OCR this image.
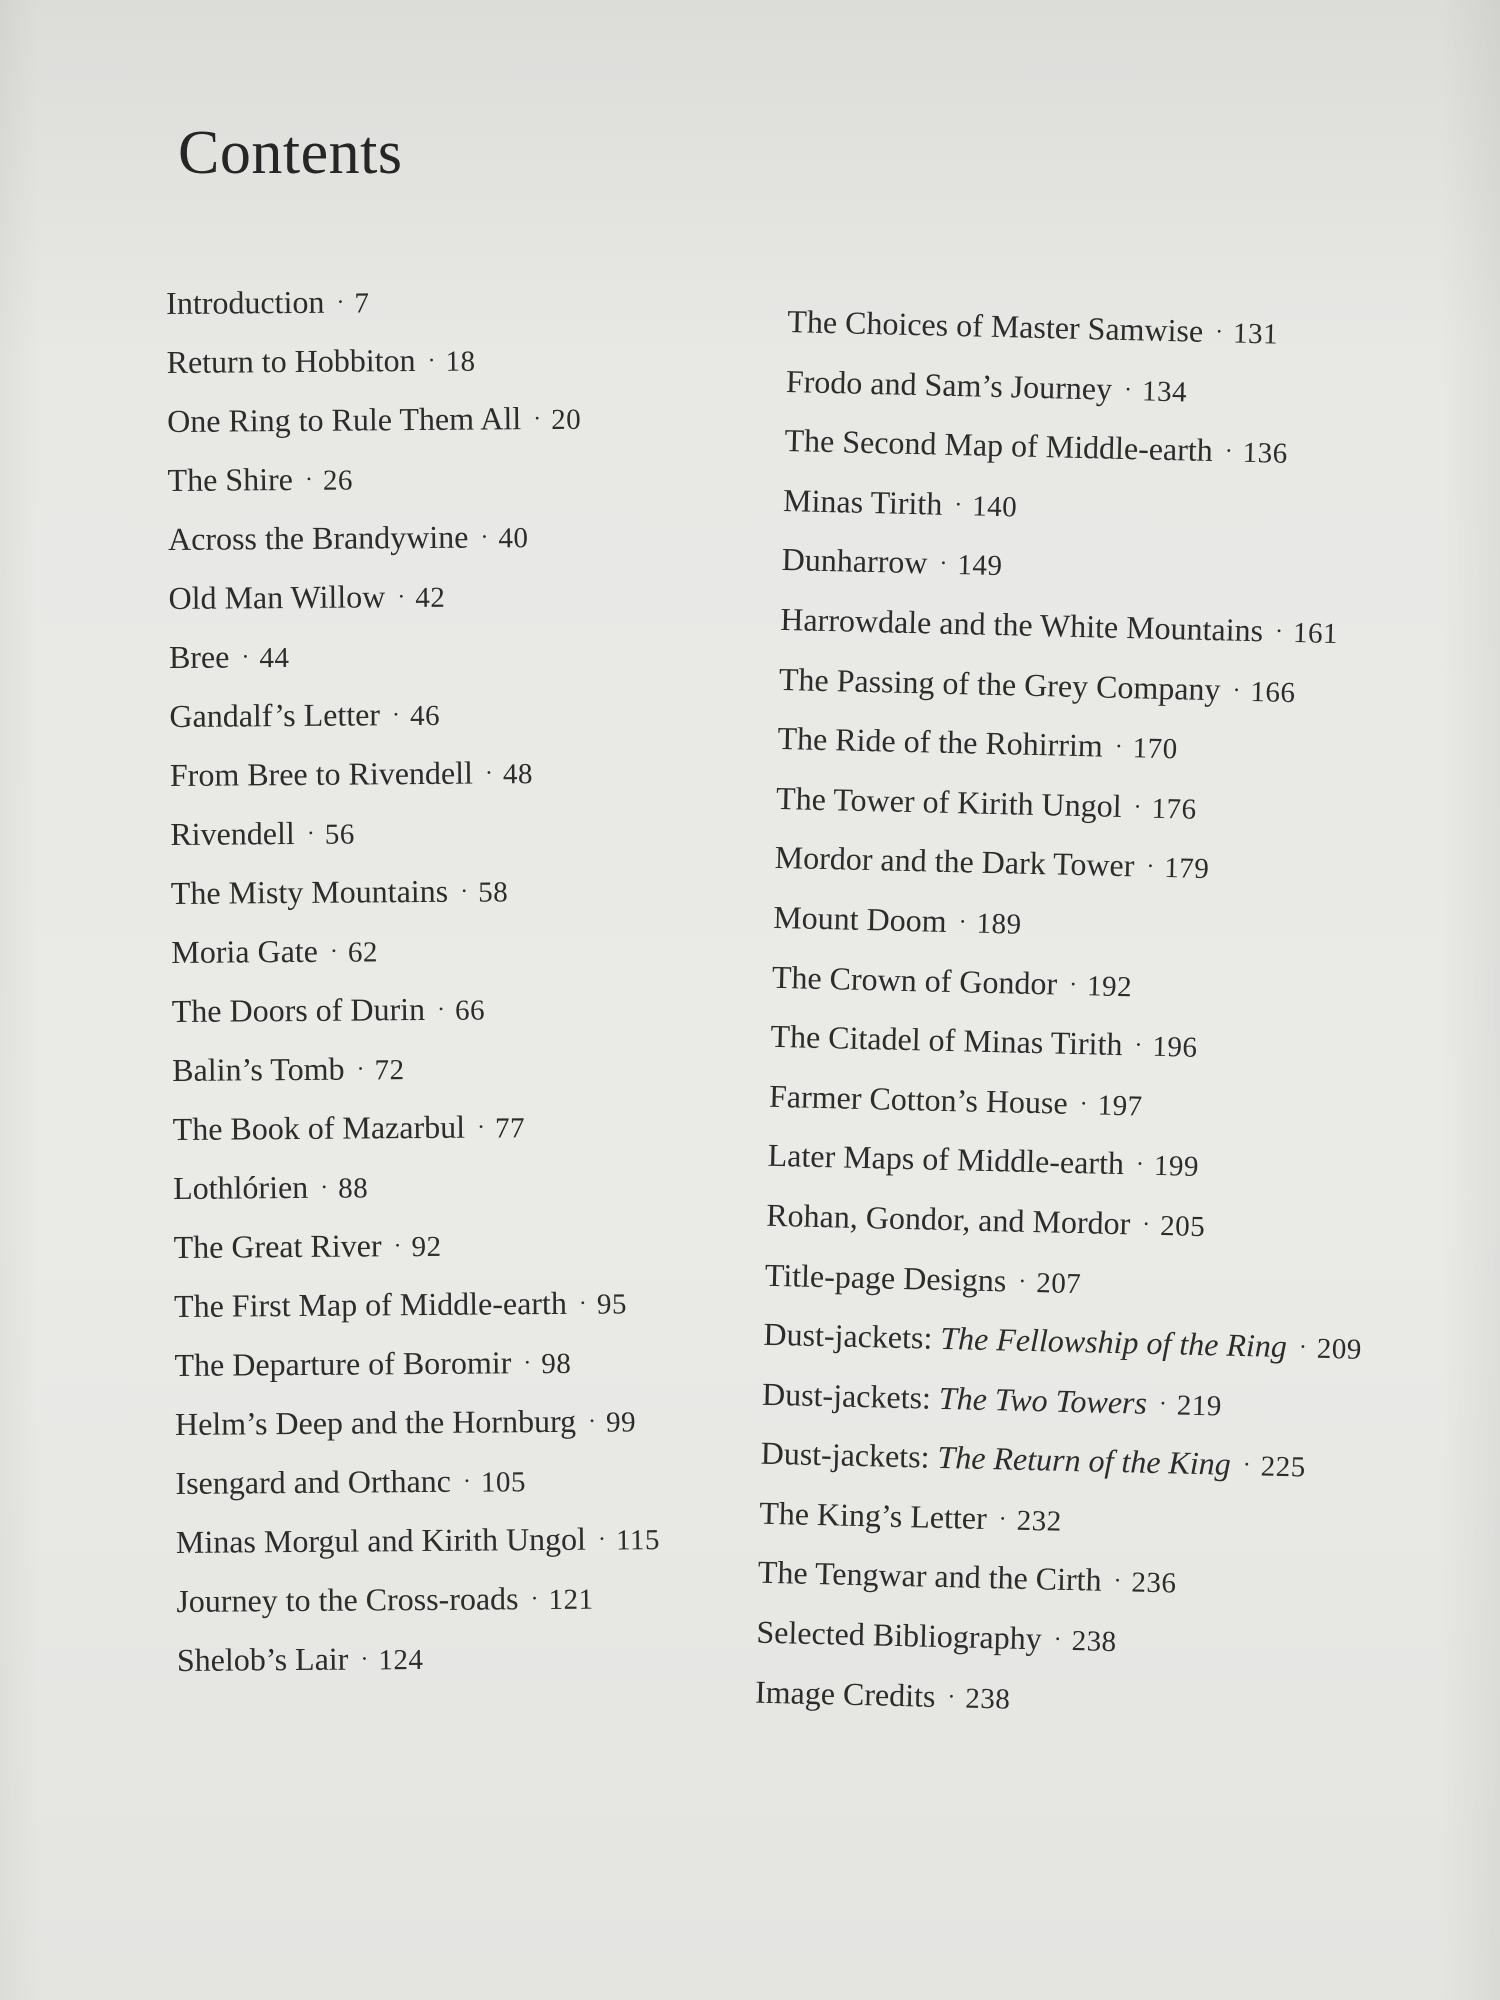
Contents
Introduction · 7
Return to Hobbiton · 18
One Ring to Rule Them All · 20
The Shire · 26
Across the Brandywine · 40
Old Man Willow · 42
Bree · 44
Gandalf’s Letter · 46
From Bree to Rivendell · 48
Rivendell · 56
The Misty Mountains · 58
Moria Gate · 62
The Doors of Durin · 66
Balin’s Tomb · 72
The Book of Mazarbul · 77
Lothlórien · 88
The Great River · 92
The First Map of Middle-earth · 95
The Departure of Boromir · 98
Helm’s Deep and the Hornburg · 99
Isengard and Orthanc · 105
Minas Morgul and Kirith Ungol · 115
Journey to the Cross-roads · 121
Shelob’s Lair · 124
The Choices of Master Samwise · 131
Frodo and Sam’s Journey · 134
The Second Map of Middle-earth · 136
Minas Tirith · 140
Dunharrow · 149
Harrowdale and the White Mountains · 161
The Passing of the Grey Company · 166
The Ride of the Rohirrim · 170
The Tower of Kirith Ungol · 176
Mordor and the Dark Tower · 179
Mount Doom · 189
The Crown of Gondor · 192
The Citadel of Minas Tirith · 196
Farmer Cotton’s House · 197
Later Maps of Middle-earth · 199
Rohan, Gondor, and Mordor · 205
Title-page Designs · 207
Dust-jackets: The Fellowship of the Ring · 209
Dust-jackets: The Two Towers · 219
Dust-jackets: The Return of the King · 225
The King’s Letter · 232
The Tengwar and the Cirth · 236
Selected Bibliography · 238
Image Credits · 238
